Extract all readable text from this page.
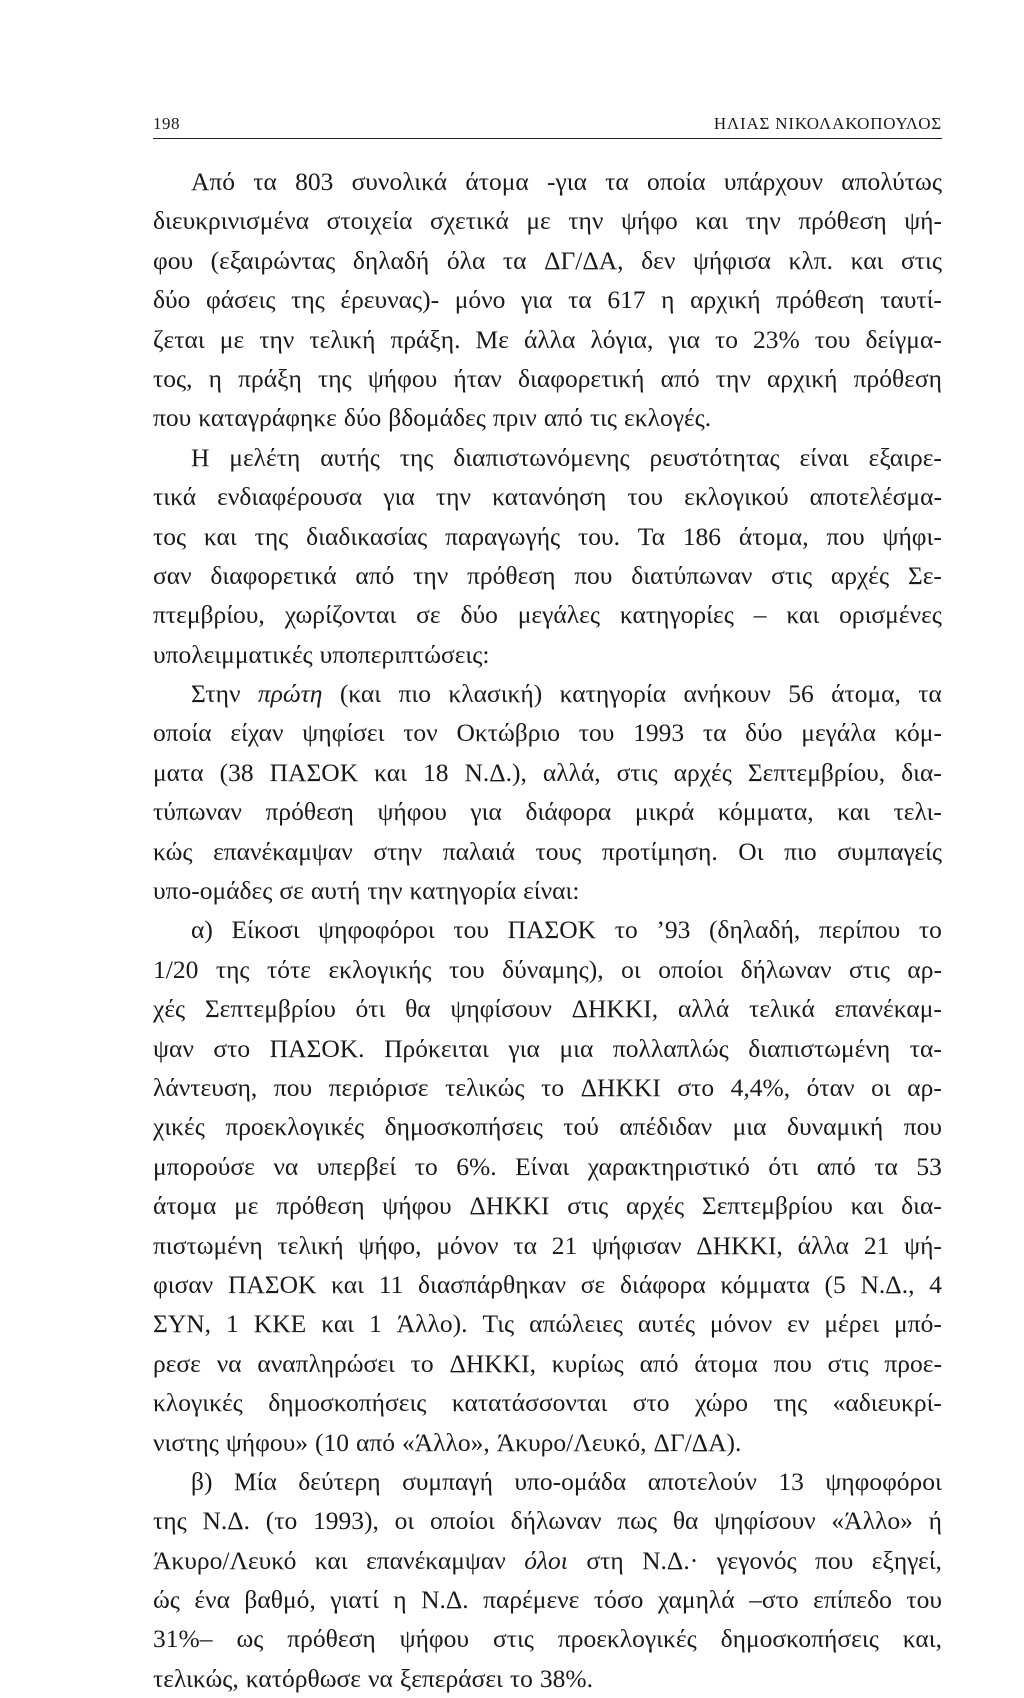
198	ΗΛΙΑΣ ΝΙΚΟΛΑΚΟΠΟΥΛΟΣ
Από τα 803 συνολικά άτομα -για τα οποία υπάρχουν απολύτως
διευκρινισμένα στοιχεία σχετικά με την ψήφο και την πρόθεση ψή-
φου (εξαιρώντας δηλαδή όλα τα ΔΓ/ΔΑ, δεν ψήφισα κλπ. και στις
δύο φάσεις της έρευνας)- μόνο για τα 617 η αρχική πρόθεση ταυτί-
ζεται με την τελική πράξη. Με άλλα λόγια, για το 23% του δείγμα-
τος, η πράξη της ψήφου ήταν διαφορετική από την αρχική πρόθεση
που καταγράφηκε δύο βδομάδες πριν από τις εκλογές.
Η μελέτη αυτής της διαπιστωνόμενης ρευστότητας είναι εξαιρε-
τικά ενδιαφέρουσα για την κατανόηση του εκλογικού αποτελέσμα-
τος και της διαδικασίας παραγωγής του. Τα 186 άτομα, που ψήφι-
σαν διαφορετικά από την πρόθεση που διατύπωναν στις αρχές Σε-
πτεμβρίου, χωρίζονται σε δύο μεγάλες κατηγορίες – και ορισμένες
υπολειμματικές υποπεριπτώσεις:
Στην πρώτη (και πιο κλασική) κατηγορία ανήκουν 56 άτομα, τα
οποία είχαν ψηφίσει τον Οκτώβριο του 1993 τα δύο μεγάλα κόμ-
ματα (38 ΠΑΣΟΚ και 18 Ν.Δ.), αλλά, στις αρχές Σεπτεμβρίου, δια-
τύπωναν πρόθεση ψήφου για διάφορα μικρά κόμματα, και τελι-
κώς επανέκαμψαν στην παλαιά τους προτίμηση. Οι πιο συμπαγείς
υπο-ομάδες σε αυτή την κατηγορία είναι:
α) Είκοσι ψηφοφόροι του ΠΑΣΟΚ το ’93 (δηλαδή, περίπου το
1/20 της τότε εκλογικής του δύναμης), οι οποίοι δήλωναν στις αρ-
χές Σεπτεμβρίου ότι θα ψηφίσουν ΔΗΚΚΙ, αλλά τελικά επανέκαμ-
ψαν στο ΠΑΣΟΚ. Πρόκειται για μια πολλαπλώς διαπιστωμένη τα-
λάντευση, που περιόρισε τελικώς το ΔΗΚΚΙ στο 4,4%, όταν οι αρ-
χικές προεκλογικές δημοσκοπήσεις τού απέδιδαν μια δυναμική που
μπορούσε να υπερβεί το 6%. Είναι χαρακτηριστικό ότι από τα 53
άτομα με πρόθεση ψήφου ΔΗΚΚΙ στις αρχές Σεπτεμβρίου και δια-
πιστωμένη τελική ψήφο, μόνον τα 21 ψήφισαν ΔΗΚΚΙ, άλλα 21 ψή-
φισαν ΠΑΣΟΚ και 11 διασπάρθηκαν σε διάφορα κόμματα (5 Ν.Δ., 4
ΣΥΝ, 1 ΚΚΕ και 1 Άλλο). Τις απώλειες αυτές μόνον εν μέρει μπό-
ρεσε να αναπληρώσει το ΔΗΚΚΙ, κυρίως από άτομα που στις προε-
κλογικές δημοσκοπήσεις κατατάσσονται στο χώρο της «αδιευκρί-
νιστης ψήφου» (10 από «Άλλο», Άκυρο/Λευκό, ΔΓ/ΔΑ).
β) Μία δεύτερη συμπαγή υπο-ομάδα αποτελούν 13 ψηφοφόροι
της Ν.Δ. (το 1993), οι οποίοι δήλωναν πως θα ψηφίσουν «Άλλο» ή
Άκυρο/Λευκό και επανέκαμψαν όλοι στη Ν.Δ.· γεγονός που εξηγεί,
ώς ένα βαθμό, γιατί η Ν.Δ. παρέμενε τόσο χαμηλά –στο επίπεδο του
31%– ως πρόθεση ψήφου στις προεκλογικές δημοσκοπήσεις και,
τελικώς, κατόρθωσε να ξεπεράσει το 38%.
